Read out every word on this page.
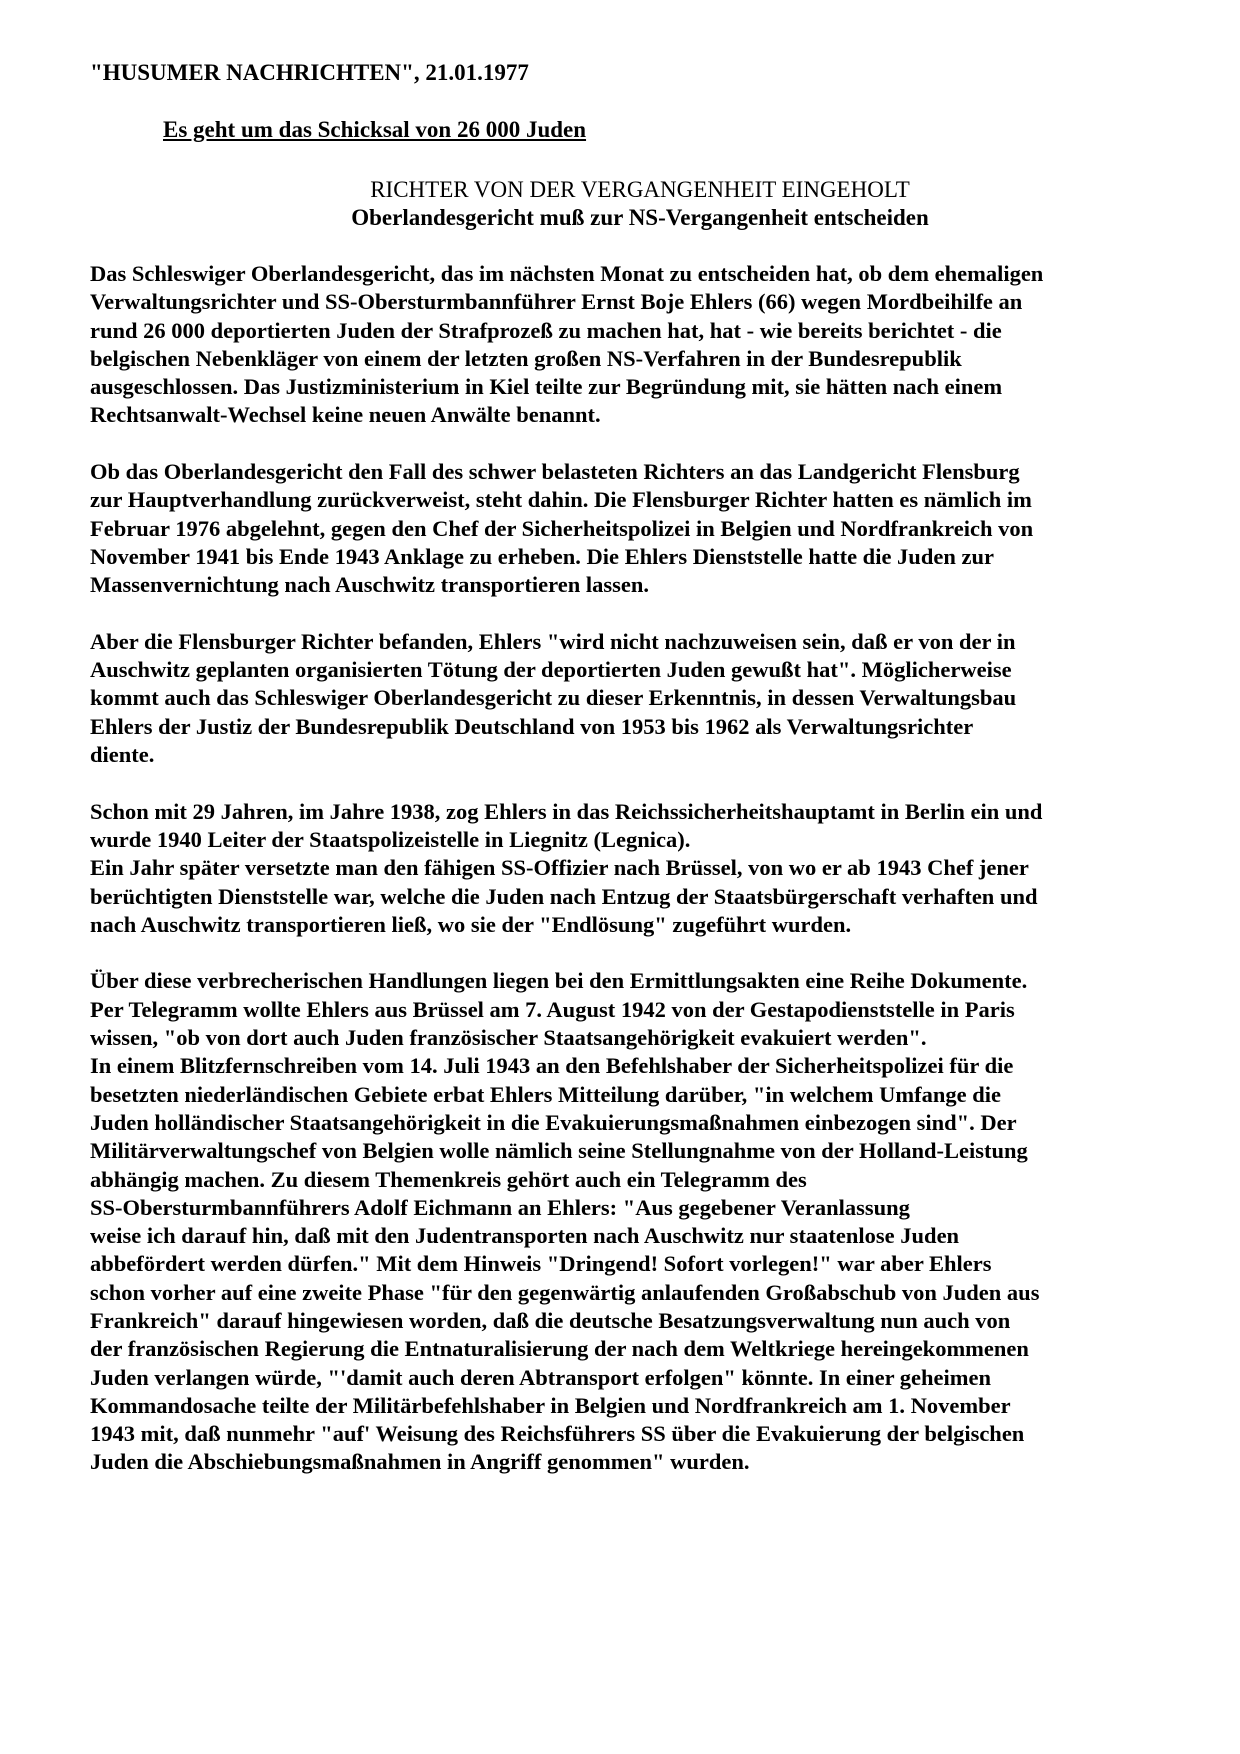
"HUSUMER NACHRICHTEN", 21.01.1977
Es geht um das Schicksal von 26 000 Juden
RICHTER VON DER VERGANGENHEIT EINGEHOLT
Oberlandesgericht muß zur NS-Vergangenheit entscheiden
Das Schleswiger Oberlandesgericht, das im nächsten Monat zu entscheiden hat, ob dem ehemaligen
Verwaltungsrichter und SS-Obersturmbannführer Ernst Boje Ehlers (66) wegen Mordbeihilfe an
rund 26 000 deportierten Juden der Strafprozeß zu machen hat, hat - wie bereits berichtet - die
belgischen Nebenkläger von einem der letzten großen NS-Verfahren in der Bundesrepublik
ausgeschlossen. Das Justizministerium in Kiel teilte zur Begründung mit, sie hätten nach einem
Rechtsanwalt-Wechsel keine neuen Anwälte benannt.
Ob das Oberlandesgericht den Fall des schwer belasteten Richters an das Landgericht Flensburg
zur Hauptverhandlung zurückverweist, steht dahin. Die Flensburger Richter hatten es nämlich im
Februar 1976 abgelehnt, gegen den Chef der Sicherheitspolizei in Belgien und Nordfrankreich von
November 1941 bis Ende 1943 Anklage zu erheben. Die Ehlers Dienststelle hatte die Juden zur
Massenvernichtung nach Auschwitz transportieren lassen.
Aber die Flensburger Richter befanden, Ehlers "wird nicht nachzuweisen sein, daß er von der in
Auschwitz geplanten organisierten Tötung der deportierten Juden gewußt hat". Möglicherweise
kommt auch das Schleswiger Oberlandesgericht zu dieser Erkenntnis, in dessen Verwaltungsbau
Ehlers der Justiz der Bundesrepublik Deutschland von 1953 bis 1962 als Verwaltungsrichter
diente.
Schon mit 29 Jahren, im Jahre 1938, zog Ehlers in das Reichssicherheitshauptamt in Berlin ein und
wurde 1940 Leiter der Staatspolizeistelle in Liegnitz (Legnica).
Ein Jahr später versetzte man den fähigen SS-Offizier nach Brüssel, von wo er ab 1943 Chef jener
berüchtigten Dienststelle war, welche die Juden nach Entzug der Staatsbürgerschaft verhaften und
nach Auschwitz transportieren ließ, wo sie der "Endlösung" zugeführt wurden.
Über diese verbrecherischen Handlungen liegen bei den Ermittlungsakten eine Reihe Dokumente.
Per Telegramm wollte Ehlers aus Brüssel am 7. August 1942 von der Gestapodienststelle in Paris
wissen, "ob von dort auch Juden französischer Staatsangehörigkeit evakuiert werden".
In einem Blitzfernschreiben vom 14. Juli 1943 an den Befehlshaber der Sicherheitspolizei für die
besetzten niederländischen Gebiete erbat Ehlers Mitteilung darüber, "in welchem Umfange die
Juden holländischer Staatsangehörigkeit in die Evakuierungsmaßnahmen einbezogen sind". Der
Militärverwaltungschef von Belgien wolle nämlich seine Stellungnahme von der Holland-Leistung
abhängig machen. Zu diesem Themenkreis gehört auch ein Telegramm des
SS-Obersturmbannführers Adolf Eichmann an Ehlers: "Aus gegebener Veranlassung
weise ich darauf hin, daß mit den Judentransporten nach Auschwitz nur staatenlose Juden
abbefördert werden dürfen." Mit dem Hinweis "Dringend! Sofort vorlegen!" war aber Ehlers
schon vorher auf eine zweite Phase "für den gegenwärtig anlaufenden Großabschub von Juden aus
Frankreich" darauf hingewiesen worden, daß die deutsche Besatzungsverwaltung nun auch von
der französischen Regierung die Entnaturalisierung der nach dem Weltkriege hereingekommenen
Juden verlangen würde, "'damit auch deren Abtransport erfolgen" könnte. In einer geheimen
Kommandosache teilte der Militärbefehlshaber in Belgien und Nordfrankreich am 1. November
1943 mit, daß nunmehr "auf' Weisung des Reichsführers SS über die Evakuierung der belgischen
Juden die Abschiebungsmaßnahmen in Angriff genommen" wurden.
